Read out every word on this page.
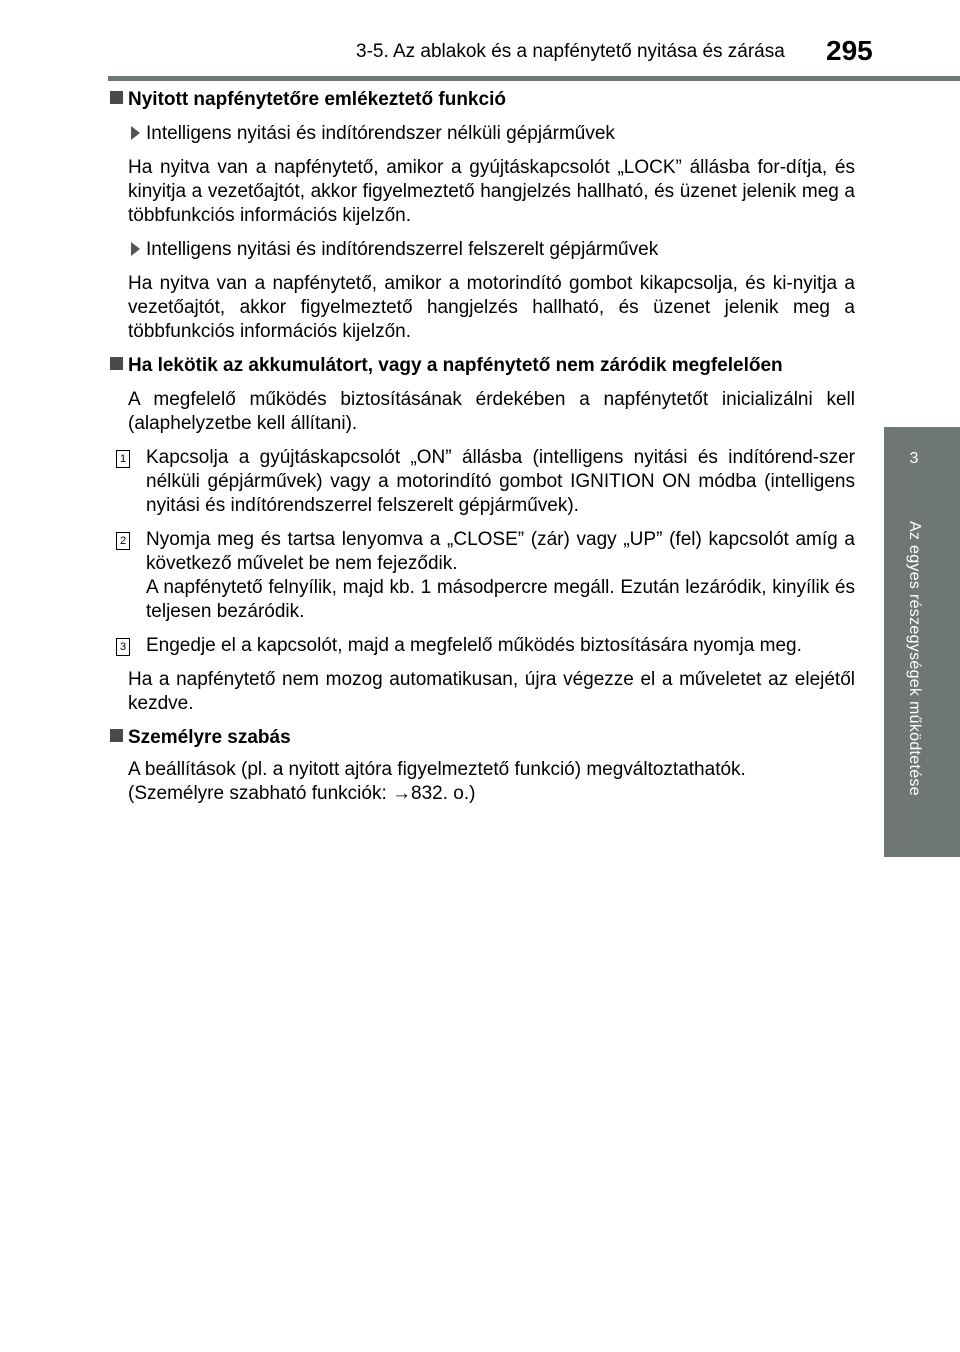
3-5. Az ablakok és a napfénytető nyitása és zárása 295
3
Az egyes részegységek működtetése
Nyitott napfénytetőre emlékeztető funkció
Intelligens nyitási és indítórendszer nélküli gépjárművek

Ha nyitva van a napfénytető, amikor a gyújtáskapcsolót „LOCK” állásba for-dítja, és kinyitja a vezetőajtót, akkor figyelmeztető hangjelzés hallható, és üzenet jelenik meg a többfunkciós információs kijelzőn.

Intelligens nyitási és indítórendszerrel felszerelt gépjárművek

Ha nyitva van a napfénytető, amikor a motorindító gombot kikapcsolja, és ki-nyitja a vezetőajtót, akkor figyelmeztető hangjelzés hallható, és üzenet jelenik meg a többfunkciós információs kijelzőn.

Ha lekötik az akkumulátort, vagy a napfénytető nem záródik megfelelően

A megfelelő működés biztosításának érdekében a napfénytetőt inicializálni kell (alaphelyzetbe kell állítani).

1 Kapcsolja a gyújtáskapcsolót „ON” állásba (intelligens nyitási és indítórend-szer nélküli gépjárművek) vagy a motorindító gombot IGNITION ON módba (intelligens nyitási és indítórendszerrel felszerelt gépjárművek).
2 Nyomja meg és tartsa lenyomva a „CLOSE” (zár) vagy „UP” (fel) kapcsolót amíg a következő művelet be nem fejeződik.
A napfénytető felnyílik, majd kb. 1 másodpercre megáll. Ezután lezáródik, kinyílik és teljesen bezáródik.
3 Engedje el a kapcsolót, majd a megfelelő működés biztosítására nyomja meg.

Ha a napfénytető nem mozog automatikusan, újra végezze el a műveletet az elejétől kezdve.

Személyre szabás

A beállítások (pl. a nyitott ajtóra figyelmeztető funkció) megváltoztathatók.
(Személyre szabható funkciók: →832. o.)
